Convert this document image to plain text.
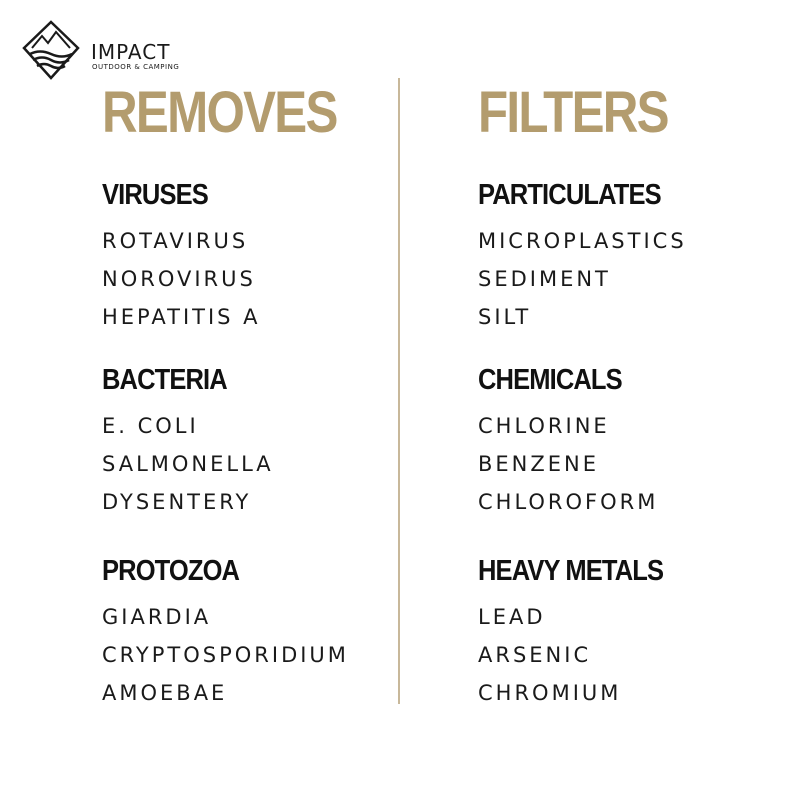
IMPACT
OUTDOOR & CAMPING
REMOVES
VIRUSES
ROTAVIRUS
NOROVIRUS
HEPATITIS A
BACTERIA
E. COLI
SALMONELLA
DYSENTERY
PROTOZOA
GIARDIA
CRYPTOSPORIDIUM
AMOEBAE
FILTERS
PARTICULATES
MICROPLASTICS
SEDIMENT
SILT
CHEMICALS
CHLORINE
BENZENE
CHLOROFORM
HEAVY METALS
LEAD
ARSENIC
CHROMIUM
